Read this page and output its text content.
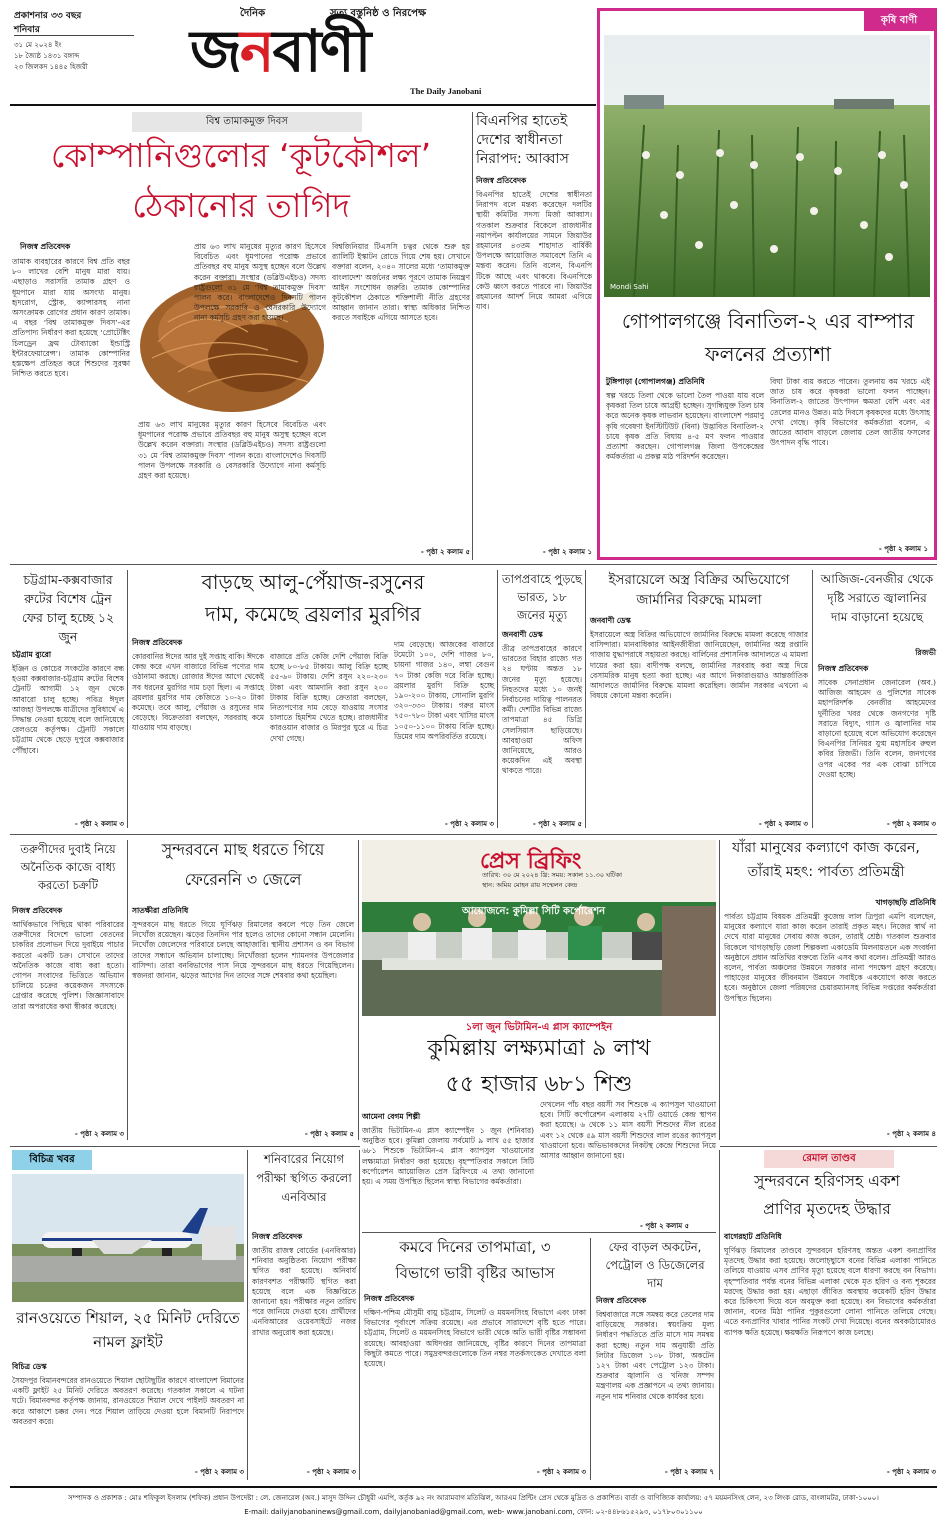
প্রকাশনার ৩৩ বছর
শনিবার
৩১ মে ২০২৪ ইং
১৮ জ্যৈষ্ঠ ১৪৩১ বঙ্গাব্দ
২৩ জিলকদ ১৪৪৫ হিজরী
দৈনিক	সত্য বস্তুনিষ্ঠ ও নিরপেক্ষ
জনবাণী
The Daily Janobani
কৃষি বাণী
Mondi Sahi
গোপালগঞ্জে বিনাতিল-২ এর বাম্পার ফলনের প্রত্যাশা
টুঙ্গিপাড়া (গোপালগঞ্জ) প্রতিনিধি
স্বল্প খরচে তিলা থেকে ভালো তৈল পাওয়া যায় বলে কৃষকরা তিল চাষে আগ্রহী হচ্ছেন। সুগন্ধিযুক্ত তিল চাষ করে অনেক কৃষক লাভবান হয়েছেন। বাংলাদেশ পরমাণু কৃষি গবেষণা ইনস্টিটিউট (বিনা) উদ্ভাবিত বিনাতিল-২ চাষে কৃষক প্রতি বিঘায় ৪-৫ মণ ফলন পাওয়ার প্রত্যাশা করছেন। গোপালগঞ্জ জিলা উপকেন্দ্রের কর্মকর্তারা এ প্রকল্প মাঠ পরিদর্শন করেছেন।
বিঘা টাকা ব্যয় করতে পারেন। তুলনায় কম খরচে এই জাত চাষ করে কৃষকরা ভালো ফলন পাচ্ছেন। বিনাতিল-২ জাতের উৎপাদন ক্ষমতা বেশি এবং এর তেলের মানও উন্নত। মাঠ দিবসে কৃষকদের মধ্যে উৎসাহ দেখা গেছে। কৃষি বিভাগের কর্মকর্তারা বলেন, এ জাতের আবাদ বাড়লে জেলায় তেল জাতীয় ফসলের উৎপাদন বৃদ্ধি পাবে।
- পৃষ্ঠা ২ কলাম ১
বিশ্ব তামাকমুক্ত দিবস
কোম্পানিগুলোর ‘কূটকৌশল’
ঠেকানোর তাগিদ
নিজস্ব প্রতিবেদক
তামাক ব্যবহারের কারণে বিশ্ব প্রতি বছর ৮০ লাখের বেশি মানুষ মারা যায়। এছাড়াও সরাসরি তামাক গ্রহণ ও ধূমপানে মারা যায় অসংখ্য মানুষ। হৃদরোগ, স্ট্রোক, ক্যান্সারসহ নানা অসংক্রামক রোগের প্রধান কারণ তামাক। এ বছর ‘বিশ্ব তামাকমুক্ত দিবস’-এর প্রতিপাদ্য নির্ধারণ করা হয়েছে ‘প্রোটেক্টিং চিলড্রেন ফ্রম টোব্যাকো ইন্ডাস্ট্রি ইন্টারফেয়ারেন্স’। তামাক কোম্পানির হস্তক্ষেপ প্রতিহত করে শিশুদের সুরক্ষা নিশ্চিত করতে হবে।
প্রায় ৬৩ লাখ মানুষের মৃত্যুর কারণ হিসেবে বিবেচিত এবং ধূমপানের পরোক্ষ প্রভাবে প্রতিবছর বহু মানুষ অসুস্থ হচ্ছেন বলে উল্লেখ করেন বক্তারা। সংস্থার (ডব্লিউএইচও) সদস্য রাষ্ট্রগুলো ৩১ মে ‘বিশ্ব তামাকমুক্ত দিবস’ পালন করে। বাংলাদেশেও দিবসটি পালন উপলক্ষে সরকারি ও বেসরকারি উদ্যোগে নানা কর্মসূচি গ্রহণ করা হয়েছে।
প্রায় ৬৩ লাখ মানুষের মৃত্যুর কারণ হিসেবে বিবেচিত এবং ধূমপানের পরোক্ষ প্রভাবে প্রতিবছর বহু মানুষ অসুস্থ হচ্ছেন বলে উল্লেখ করেন বক্তারা। সংস্থার (ডব্লিউএইচও) সদস্য রাষ্ট্রগুলো ৩১ মে ‘বিশ্ব তামাকমুক্ত দিবস’ পালন করে। বাংলাদেশেও দিবসটি পালন উপলক্ষে সরকারি ও বেসরকারি উদ্যোগে নানা কর্মসূচি গ্রহণ করা হয়েছে।
বিশ্বজিনিয়ার টিএসসি চত্বর থেকে শুরু হয় র‍্যালিটি ইস্কাটন রোডে গিয়ে শেষ হয়। সেখানে বক্তারা বলেন, ২০৪০ সালের মধ্যে ‘তামাকমুক্ত বাংলাদেশ’ অর্জনের লক্ষ্য পূরণে তামাক নিয়ন্ত্রণ আইন সংশোধন জরুরি। তামাক কোম্পানির কূটকৌশল ঠেকাতে শক্তিশালী নীতি গ্রহণের আহ্বান জানান তারা। স্বাস্থ্য অধিকার নিশ্চিত করতে সবাইকে এগিয়ে আসতে হবে।
- পৃষ্ঠা ২ কলাম ৫
বিএনপির হাতেই দেশের স্বাধীনতা নিরাপদ: আব্বাস
নিজস্ব প্রতিবেদক
বিএনপির হাতেই দেশের স্বাধীনতা নিরাপদ বলে মন্তব্য করেছেন দলটির স্থায়ী কমিটির সদস্য মির্জা আব্বাস। গতকাল শুক্রবার বিকেলে রাজধানীর নয়াপল্টন কার্যালয়ের সামনে জিয়াউর রহমানের ৪৩তম শাহাদাত বার্ষিকী উপলক্ষে আয়োজিত সমাবেশে তিনি এ মন্তব্য করেন। তিনি বলেন, বিএনপি টিকে আছে এবং থাকবে। বিএনপিকে কেউ ধ্বংস করতে পারবে না। জিয়াউর রহমানের আদর্শ নিয়ে আমরা এগিয়ে যাব।
- পৃষ্ঠা ২ কলাম ১
চট্টগ্রাম-কক্সবাজার রুটের বিশেষ ট্রেন ফের চালু হচ্ছে ১২ জুন
চট্টগ্রাম ব্যুরো
ইঞ্জিন ও কোচের সংকটের কারণে বন্ধ হওয়া কক্সবাজার-চট্টগ্রাম রুটের বিশেষ ট্রেনটি আগামী ১২ জুন থেকে আবারো চালু হচ্ছে। পবিত্র ঈদুল আজহা উপলক্ষে যাত্রীদের সুবিধার্থে এ সিদ্ধান্ত নেওয়া হয়েছে বলে জানিয়েছে রেলওয়ে কর্তৃপক্ষ। ট্রেনটি সকালে চট্টগ্রাম থেকে ছেড়ে দুপুরে কক্সবাজার পৌঁছাবে।
- পৃষ্ঠা ২ কলাম ৩
বাড়ছে আলু-পেঁয়াজ-রসুনের
দাম, কমেছে ব্রয়লার মুরগির
নিজস্ব প্রতিবেদক
কোরবানির ঈদের আর দুই সপ্তাহ বাকি। ঈদকে কেন্দ্র করে এখন বাজারে বিভিন্ন পণ্যের দাম ওঠানামা করছে। রোজার ঈদের আগে থেকেই সব ধরনের মুরগির দাম চড়া ছিল। এ সপ্তাহে ব্রয়লার মুরগির দাম কেজিতে ১০-২০ টাকা কমেছে। তবে আলু, পেঁয়াজ ও রসুনের দাম বেড়েছে। বিক্রেতারা বলছেন, সরবরাহ কমে যাওয়ায় দাম বাড়ছে।
বাজারে প্রতি কেজি দেশি পেঁয়াজ বিক্রি হচ্ছে ৮০-৮৫ টাকায়। আলু বিক্রি হচ্ছে ৫৫-৬০ টাকায়। দেশি রসুন ২২০-২৩০ টাকা এবং আমদানি করা রসুন ২০০ টাকায় বিক্রি হচ্ছে। ক্রেতারা বলছেন, নিত্যপণ্যের দাম বেড়ে যাওয়ায় সংসার চালাতে হিমশিম খেতে হচ্ছে। রাজধানীর কারওয়ান বাজার ও মিরপুর ঘুরে এ চিত্র দেখা গেছে।
দাম বেড়েছে। আজকের বাজারে টমেটো ১০০, দেশি গাজর ৮০, চায়না গাজর ১৪০, লম্বা বেগুন ৭০ টাকা কেজি দরে বিক্রি হচ্ছে। ব্রয়লার মুরগি বিক্রি হচ্ছে ১৯০-২০০ টাকায়, সোনালি মুরগি ৩২০-৩৩০ টাকায়। গরুর মাংস ৭৫০-৭৮০ টাকা এবং খাসির মাংস ১০৫০-১১০০ টাকায় বিক্রি হচ্ছে। ডিমের দাম অপরিবর্তিত রয়েছে।
- পৃষ্ঠা ২ কলাম ৩
তাপপ্রবাহে পুড়ছে ভারত, ১৮ জনের মৃত্যু
জনবাণী ডেস্ক
তীব্র তাপপ্রবাহের কারণে ভারতের বিহার রাজ্যে গত ২৪ ঘণ্টায় অন্তত ১৮ জনের মৃত্যু হয়েছে। নিহতদের মধ্যে ১০ জনই নির্বাচনের দায়িত্ব পালনরত কর্মী। দেশটির বিভিন্ন রাজ্যে তাপমাত্রা ৪৫ ডিগ্রি সেলসিয়াস ছাড়িয়েছে। আবহাওয়া অফিস জানিয়েছে, আরও কয়েকদিন এই অবস্থা থাকতে পারে।
- পৃষ্ঠা ২ কলাম ৫
ইসরায়েলে অস্ত্র বিক্রির অভিযোগে জার্মানির বিরুদ্ধে মামলা
জনবাণী ডেস্ক
ইসরায়েলে অস্ত্র বিক্রির অভিযোগে জার্মানির বিরুদ্ধে মামলা করেছে গাজার বাসিন্দারা। মানবাধিকার আইনজীবীরা জানিয়েছেন, জার্মানির অস্ত্র রপ্তানি গাজায় যুদ্ধাপরাধে সহায়তা করছে। বার্লিনের প্রশাসনিক আদালতে এ মামলা দায়ের করা হয়। বাদীপক্ষ বলছে, জার্মানির সরবরাহ করা অস্ত্র দিয়ে বেসামরিক মানুষ হত্যা করা হচ্ছে। এর আগে নিকারাগুয়াও আন্তর্জাতিক আদালতে জার্মানির বিরুদ্ধে মামলা করেছিল। জার্মান সরকার এখনো এ বিষয়ে কোনো মন্তব্য করেনি।
- পৃষ্ঠা ২ কলাম ৩
আজিজ-বেনজীর থেকে দৃষ্টি সরাতে জ্বালানির দাম বাড়ানো হয়েছে
রিজভী
নিজস্ব প্রতিবেদক
সাবেক সেনাপ্রধান জেনারেল (অব.) আজিজ আহমেদ ও পুলিশের সাবেক মহাপরিদর্শক বেনজীর আহমেদের দুর্নীতির খবর থেকে জনগণের দৃষ্টি সরাতে বিদ্যুৎ, গ্যাস ও জ্বালানির দাম বাড়ানো হয়েছে বলে অভিযোগ করেছেন বিএনপির সিনিয়র যুগ্ম মহাসচিব রুহুল কবির রিজভী। তিনি বলেন, জনগণের ওপর একের পর এক বোঝা চাপিয়ে দেওয়া হচ্ছে।
- পৃষ্ঠা ২ কলাম ৩
তরুণীদের দুবাই নিয়ে অনৈতিক কাজে বাধ্য করতো চক্রটি
নিজস্ব প্রতিবেদক
আর্থিকভাবে পিছিয়ে থাকা পরিবারের তরুণীদের বিদেশে ভালো বেতনের চাকরির প্রলোভন দিয়ে দুবাইয়ে পাচার করতো একটি চক্র। সেখানে তাদের অনৈতিক কাজে বাধ্য করা হতো। গোপন সংবাদের ভিত্তিতে অভিযান চালিয়ে চক্রের কয়েকজন সদস্যকে গ্রেপ্তার করেছে পুলিশ। জিজ্ঞাসাবাদে তারা অপরাধের কথা স্বীকার করেছে।
- পৃষ্ঠা ২ কলাম ৩
সুন্দরবনে মাছ ধরতে গিয়ে
ফেরেননি ৩ জেলে
সাতক্ষীরা প্রতিনিধি
সুন্দরবনে মাছ ধরতে গিয়ে ঘূর্ণিঝড় রিমালের কবলে পড়ে তিন জেলে নিখোঁজ রয়েছেন। ঝড়ের তিনদিন পার হলেও তাদের কোনো সন্ধান মেলেনি। নিখোঁজ জেলেদের পরিবারে চলছে আহাজারি। স্থানীয় প্রশাসন ও বন বিভাগ তাদের সন্ধানে অভিযান চালাচ্ছে। নিখোঁজরা হলেন শ্যামনগর উপজেলার বাসিন্দা। তারা বনবিভাগের পাস নিয়ে সুন্দরবনে মাছ ধরতে গিয়েছিলেন। স্বজনরা জানান, ঝড়ের আগের দিন তাদের সঙ্গে শেষবার কথা হয়েছিল।
- পৃষ্ঠা ২ কলাম ৫
প্রেস ব্রিফিং
তারিখ: ৩০ মে ২০২৪ খ্রি: সময়: সকাল ১১.৩০ ঘটিকা
স্থান: অমিয় মোহন রায় সম্মেলন কেন্দ্র
আয়োজনে: কুমিল্লা সিটি কর্পোরেশন
১লা জুন ভিটামিন-এ প্লাস ক্যাম্পেইন
কুমিল্লায় লক্ষ্যমাত্রা ৯ লাখ
৫৫ হাজার ৬৮১ শিশু
আমেনা বেগম শিল্পী
যাঁরা মানুষের কল্যাণে কাজ করেন,
তাঁরাই মহৎ: পার্বত্য প্রতিমন্ত্রী
খাগড়াছড়ি প্রতিনিধি
পার্বত্য চট্টগ্রাম বিষয়ক প্রতিমন্ত্রী কুজেন্দ্র লাল ত্রিপুরা এমপি বলেছেন, মানুষের কল্যাণে যারা কাজ করেন তারাই প্রকৃত মহৎ। নিজের স্বার্থ না দেখে যারা মানুষের সেবায় কাজ করেন, তারাই শ্রেষ্ঠ। গতকাল শুক্রবার বিকেলে খাগড়াছড়ি জেলা শিল্পকলা একাডেমি মিলনায়তনে এক সংবর্ধনা অনুষ্ঠানে প্রধান অতিথির বক্তব্যে তিনি এসব কথা বলেন। প্রতিমন্ত্রী আরও বলেন, পার্বত্য অঞ্চলের উন্নয়নে সরকার নানা পদক্ষেপ গ্রহণ করেছে। পাহাড়ের মানুষের জীবনমান উন্নয়নে সবাইকে একযোগে কাজ করতে হবে। অনুষ্ঠানে জেলা পরিষদের চেয়ারম্যানসহ বিভিন্ন দপ্তরের কর্মকর্তারা উপস্থিত ছিলেন।
- পৃষ্ঠা ২ কলাম ৪
জাতীয় ভিটামিন-এ প্লাস ক্যাম্পেইন ১ জুন (শনিবার) অনুষ্ঠিত হবে। কুমিল্লা জেলায় সর্বমোট ৯ লাখ ৫৫ হাজার ৬৮১ শিশুকে ভিটামিন-এ প্লাস ক্যাপসুল খাওয়ানোর লক্ষ্যমাত্রা নির্ধারণ করা হয়েছে। বৃহস্পতিবার সকালে সিটি কর্পোরেশন আয়োজিত প্রেস ব্রিফিংয়ে এ তথ্য জানানো হয়। এ সময় উপস্থিত ছিলেন স্বাস্থ্য বিভাগের কর্মকর্তারা।
দেখলেন পাঁচ বছর বয়সী সব শিশুকে এ ক্যাপসুল খাওয়ানো হবে। সিটি কর্পোরেশন এলাকায় ২৭টি ওয়ার্ডে কেন্দ্র স্থাপন করা হয়েছে। ৬ থেকে ১১ মাস বয়সী শিশুদের নীল রঙের এবং ১২ থেকে ৫৯ মাস বয়সী শিশুদের লাল রঙের ক্যাপসুল খাওয়ানো হবে। অভিভাবকদের নিকটস্থ কেন্দ্রে শিশুদের নিয়ে আসার আহ্বান জানানো হয়।
- পৃষ্ঠা ২ কলাম ৫
বিচিত্র খবর
রানওয়েতে শিয়াল, ২৫ মিনিট দেরিতে নামল ফ্লাইট
বিচিত্র ডেস্ক
সৈয়দপুর বিমানবন্দরের রানওয়েতে শিয়াল ছোটাছুটির কারণে বাংলাদেশ বিমানের একটি ফ্লাইট ২৫ মিনিট দেরিতে অবতরণ করেছে। গতকাল সকালে এ ঘটনা ঘটে। বিমানবন্দর কর্তৃপক্ষ জানায়, রানওয়েতে শিয়াল দেখে পাইলট অবতরণ না করে আকাশে চক্কর দেন। পরে শিয়াল তাড়িয়ে দেওয়া হলে বিমানটি নিরাপদে অবতরণ করে।
- পৃষ্ঠা ২ কলাম ৩
শনিবারের নিয়োগ পরীক্ষা স্থগিত করলো এনবিআর
নিজস্ব প্রতিবেদক
জাতীয় রাজস্ব বোর্ডের (এনবিআর) শনিবার অনুষ্ঠিতব্য নিয়োগ পরীক্ষা স্থগিত করা হয়েছে। অনিবার্য কারণবশত পরীক্ষাটি স্থগিত করা হয়েছে বলে এক বিজ্ঞপ্তিতে জানানো হয়। পরীক্ষার নতুন তারিখ পরে জানিয়ে দেওয়া হবে। প্রার্থীদের এনবিআরের ওয়েবসাইটে নজর রাখার অনুরোধ করা হয়েছে।
- পৃষ্ঠা ২ কলাম ৩
কমবে দিনের তাপমাত্রা, ৩
বিভাগে ভারী বৃষ্টির আভাস
নিজস্ব প্রতিবেদক
দক্ষিণ-পশ্চিম মৌসুমী বায়ু চট্টগ্রাম, সিলেট ও ময়মনসিংহ বিভাগে এবং ঢাকা বিভাগের পূর্বাংশে সক্রিয় রয়েছে। এর প্রভাবে সারাদেশে বৃষ্টি হতে পারে। চট্টগ্রাম, সিলেট ও ময়মনসিংহ বিভাগে ভারী থেকে অতি ভারী বৃষ্টির সম্ভাবনা রয়েছে। আবহাওয়া অধিদপ্তর জানিয়েছে, বৃষ্টির কারণে দিনের তাপমাত্রা কিছুটা কমতে পারে। সমুদ্রবন্দরগুলোকে তিন নম্বর সতর্কসংকেত দেখাতে বলা হয়েছে।
- পৃষ্ঠা ২ কলাম ৩
ফের বাড়ল অকটেন, পেট্রোল ও ডিজেলের দাম
নিজস্ব প্রতিবেদক
বিশ্ববাজারে সঙ্গে সমন্বয় করে তেলের দাম বাড়িয়েছে সরকার। স্বয়ংক্রিয় মূল্য নির্ধারণ পদ্ধতিতে প্রতি মাসে দাম সমন্বয় করা হচ্ছে। নতুন দাম অনুযায়ী প্রতি লিটার ডিজেল ১০৮ টাকা, অকটেন ১২৭ টাকা এবং পেট্রোল ১২৩ টাকা। শুক্রবার জ্বালানি ও খনিজ সম্পদ মন্ত্রণালয় এক প্রজ্ঞাপনে এ তথ্য জানায়। নতুন দাম শনিবার থেকে কার্যকর হবে।
- পৃষ্ঠা ২ কলাম ৭
রেমাল তাণ্ডব
সুন্দরবনে হরিণসহ একশ
প্রাণির মৃতদেহ উদ্ধার
বাগেরহাট প্রতিনিধি
ঘূর্ণিঝড় রিমালের তাণ্ডবে সুন্দরবনে হরিণসহ অন্তত একশ বন্যপ্রাণির মৃতদেহ উদ্ধার করা হয়েছে। জলোচ্ছ্বাসে বনের বিভিন্ন এলাকা পানিতে তলিয়ে যাওয়ায় এসব প্রাণির মৃত্যু হয়েছে বলে ধারণা করছে বন বিভাগ। বৃহস্পতিবার পর্যন্ত বনের বিভিন্ন এলাকা থেকে মৃত হরিণ ও বন্য শূকরের মরদেহ উদ্ধার করা হয়। এছাড়া জীবিত অবস্থায় কয়েকটি হরিণ উদ্ধার করে চিকিৎসা দিয়ে বনে অবমুক্ত করা হয়েছে। বন বিভাগের কর্মকর্তারা জানান, বনের মিঠা পানির পুকুরগুলো লোনা পানিতে তলিয়ে গেছে। এতে বন্যপ্রাণির খাবার পানির সংকট দেখা দিয়েছে। বনের অবকাঠামোরও ব্যাপক ক্ষতি হয়েছে। ক্ষয়ক্ষতি নিরূপণে কাজ চলছে।
- পৃষ্ঠা ২ কলাম ৩
সম্পাদক ও প্রকাশক : মোঃ শফিকুল ইসলাম (শফিক) প্রধান উপদেষ্টা : লে. জেনারেল (অব.) মাসুদ উদ্দিন চৌধুরী এমপি, কর্তৃক ৯২ নং আরামবাগ মতিঝিল, আরএম প্রিন্টিং প্রেস থেকে মুদ্রিত ও প্রকাশিত। বার্তা ও বাণিজ্যিক কার্যালয়: ৫৭ ময়মনসিংহ লেন, ২৩ লিংক রোড, বাংলামটর, ঢাকা-১০০০।
E-mail: dailyjanobaninews@gmail.com, dailyjanobaniad@gmail.com, web- www.janobani.com, ফোন: ০২-৪৪৮৬১৫২৯৩, ০১৭৮০৩০১১০০
